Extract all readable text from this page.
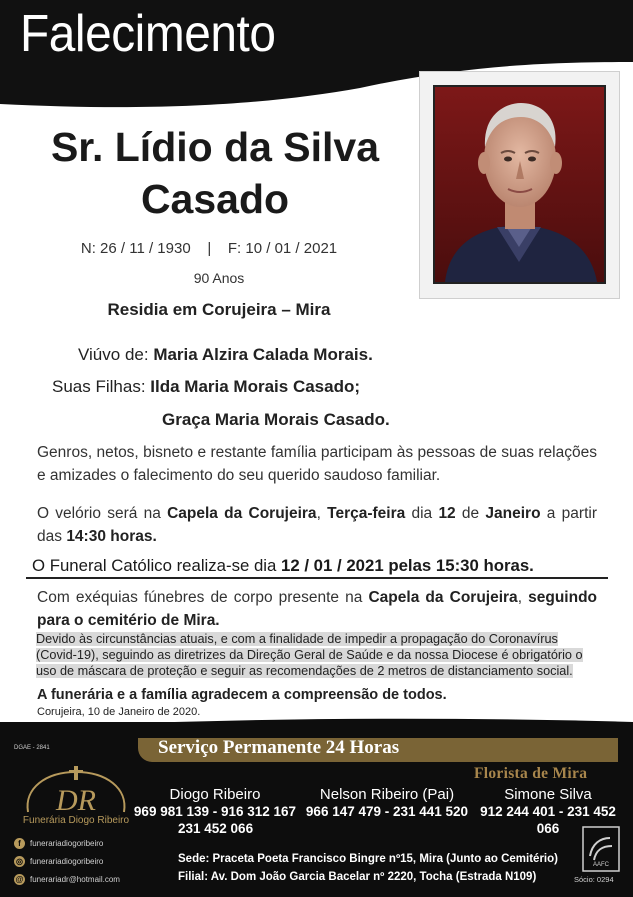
Falecimento
Sr. Lídio da Silva
Casado
N: 26 / 11 / 1930    |    F: 10 / 01 / 2021
90 Anos
Residia em Corujeira – Mira
Viúvo de: Maria Alzira Calada Morais.
Suas Filhas: Ilda Maria Morais Casado;
Graça Maria Morais Casado.
Genros, netos, bisneto e restante família participam às pessoas de suas relações e amizades o falecimento do seu querido saudoso familiar.
O velório será na Capela da Corujeira, Terça-feira dia 12 de Janeiro a partir das 14:30 horas.
O Funeral Católico realiza-se dia 12 / 01 / 2021 pelas 15:30 horas.
Com exéquias fúnebres de corpo presente na Capela da Corujeira, seguindo para o cemitério de Mira.
Devido às circunstâncias atuais, e com a finalidade de impedir a propagação do Coronavírus (Covid-19), seguindo as diretrizes da Direção Geral de Saúde e da nossa Diocese é obrigatório o uso de máscara de proteção e seguir as recomendações de 2 metros de distanciamento social.
A funerária e a família agradecem a compreensão de todos.
Corujeira, 10 de Janeiro de 2020.
DGAE - 2841	Serviço Permanente 24 Horas
DR
Funerária Diogo Ribeiro
f	funerariadiogoribeiro
◎ funerariadiogoribeiro
@ funerariadr@hotmail.com
Florista de Mira
Diogo Ribeiro
969 981 139 - 916 312 167
231 452 066
Nelson Ribeiro (Pai)
966 147 479 - 231 441 520
Simone Silva
912 244 401 - 231 452 066
Sede: Praceta Poeta Francisco Bingre nº15, Mira (Junto ao Cemitério)
Filial: Av. Dom João Garcia Bacelar nº 2220, Tocha (Estrada N109)
AAFC
Sócio: 0294
